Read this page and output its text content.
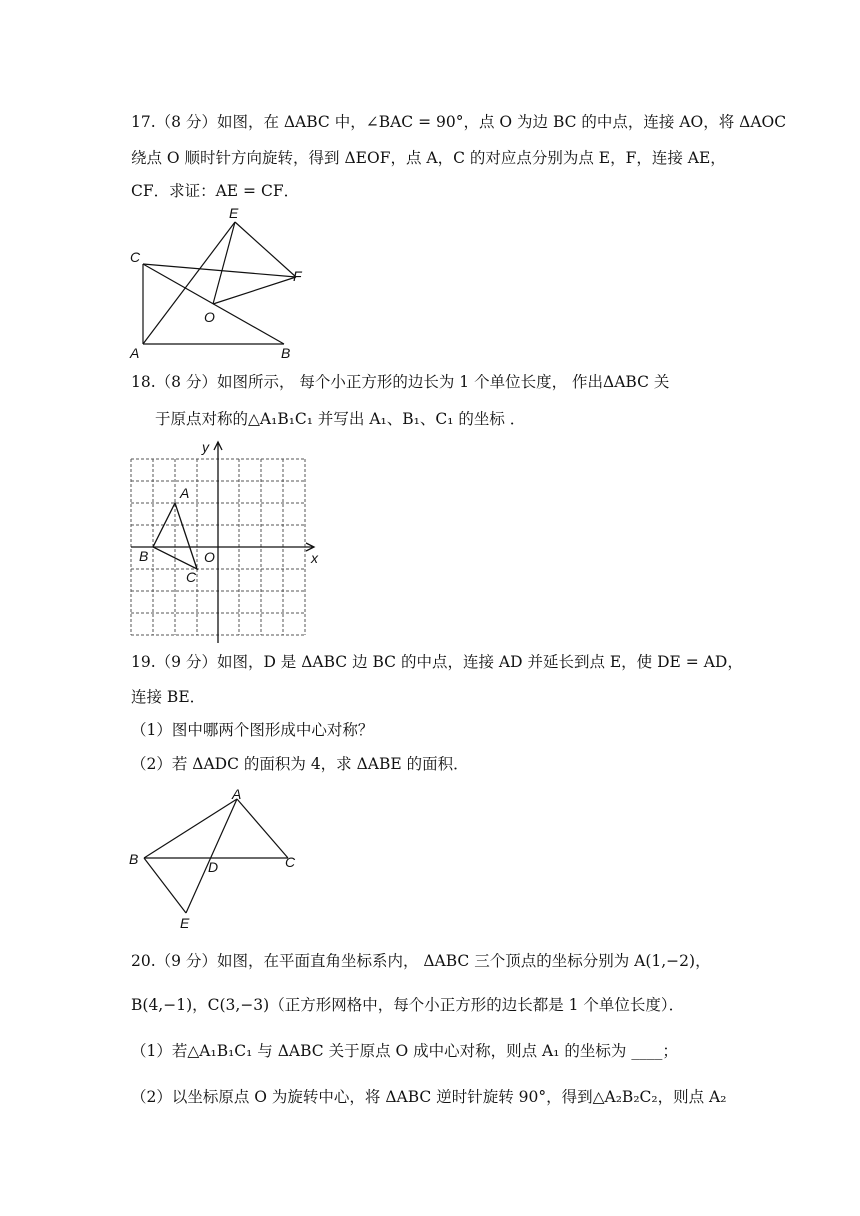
17.（8 分）如图，在 ΔABC 中，∠BAC = 90°，点 O 为边 BC 的中点，连接 AO，将 ΔAOC
绕点 O 顺时针方向旋转，得到 ΔEOF，点 A，C 的对应点分别为点 E，F，连接 AE，
CF．求证：AE = CF．
C
A	B
E
F
O
18.（8 分）如图所示， 每个小正方形的边长为 1 个单位长度， 作出ΔABC 关
于原点对称的△A₁B₁C₁ 并写出 A₁、B₁、C₁ 的坐标 ．
y
x
O
A
B
C
19.（9 分）如图，D 是 ΔABC 边 BC 的中点，连接 AD 并延长到点 E，使 DE = AD，
连接 BE．
（1）图中哪两个图形成中心对称？
（2）若 ΔADC 的面积为 4，求 ΔABE 的面积．
A
B	C
D
E
20.（9 分）如图，在平面直角坐标系内， ΔABC 三个顶点的坐标分别为 A(1,−2)，
B(4,−1)，C(3,−3)（正方形网格中，每个小正方形的边长都是 1 个单位长度）．
（1）若△A₁B₁C₁ 与 ΔABC 关于原点 O 成中心对称，则点 A₁ 的坐标为 ____；
（2）以坐标原点 O 为旋转中心，将 ΔABC 逆时针旋转 90°，得到△A₂B₂C₂，则点 A₂
